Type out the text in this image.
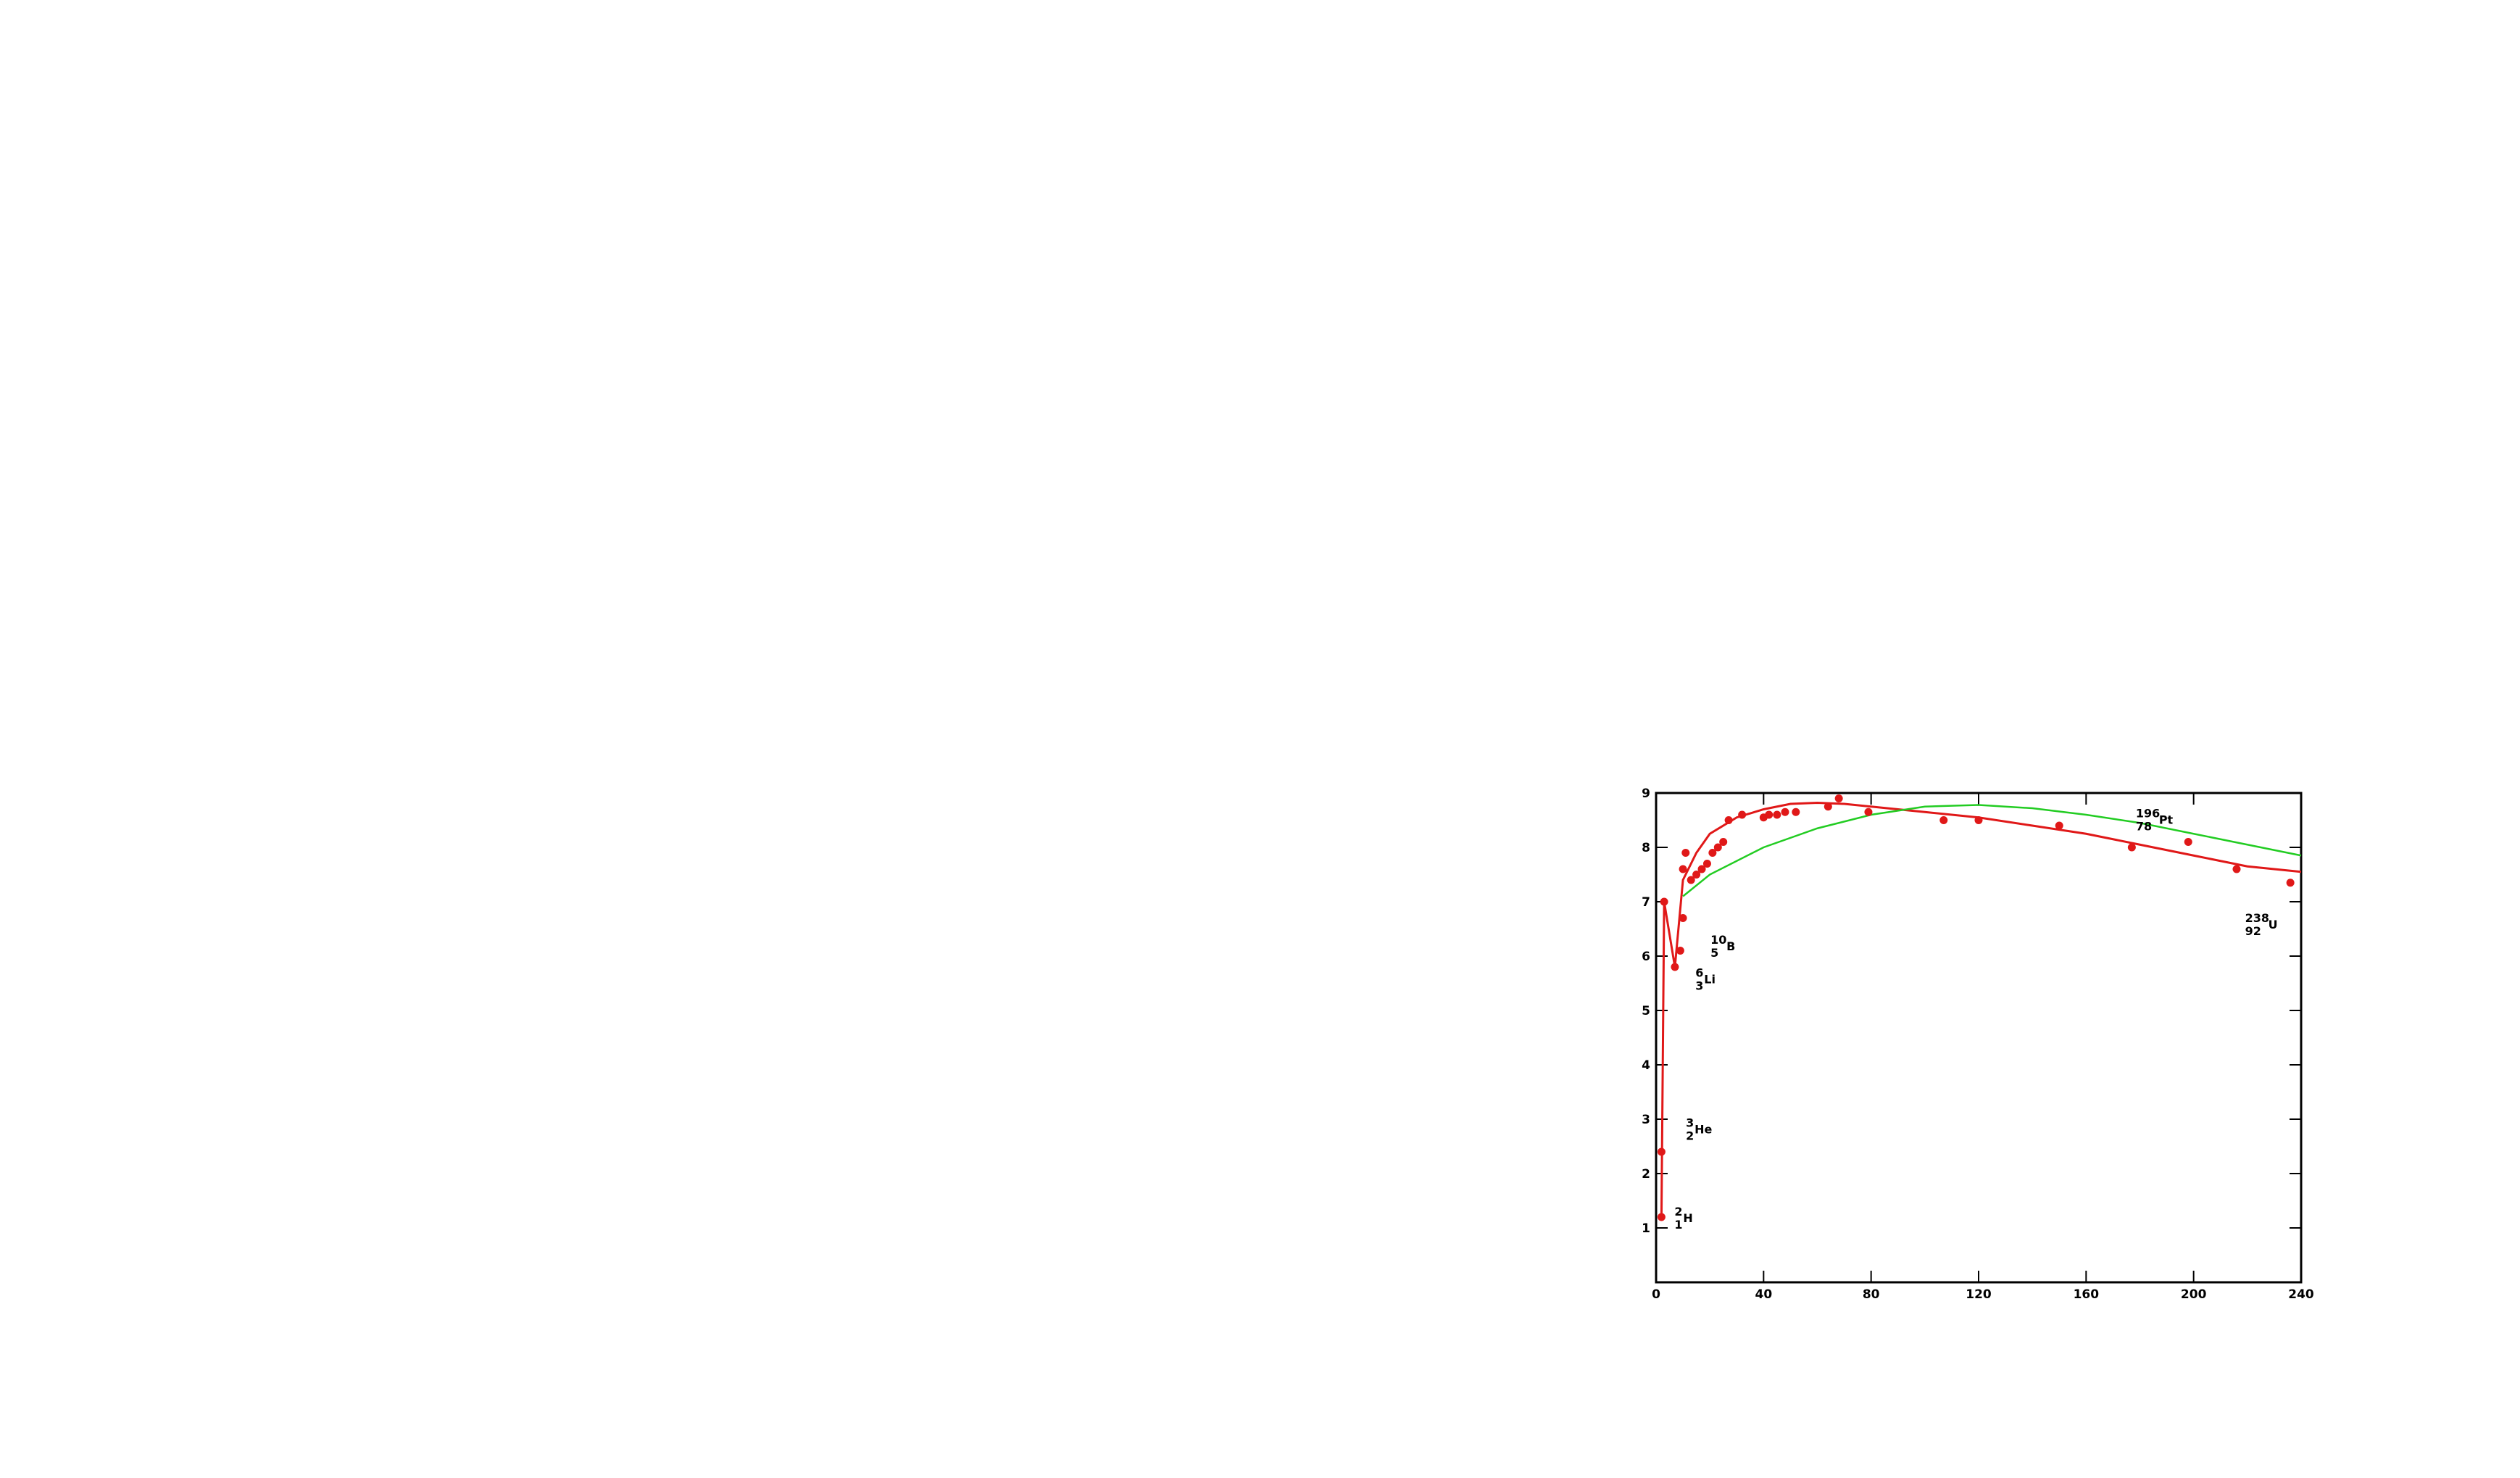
1
2
3
4
5
6
7
8
9
0	40	80	120	160	200	240
2
1 H
3
2 He
6
3 Li
10
5 B
196
78 Pt
238
92 U
